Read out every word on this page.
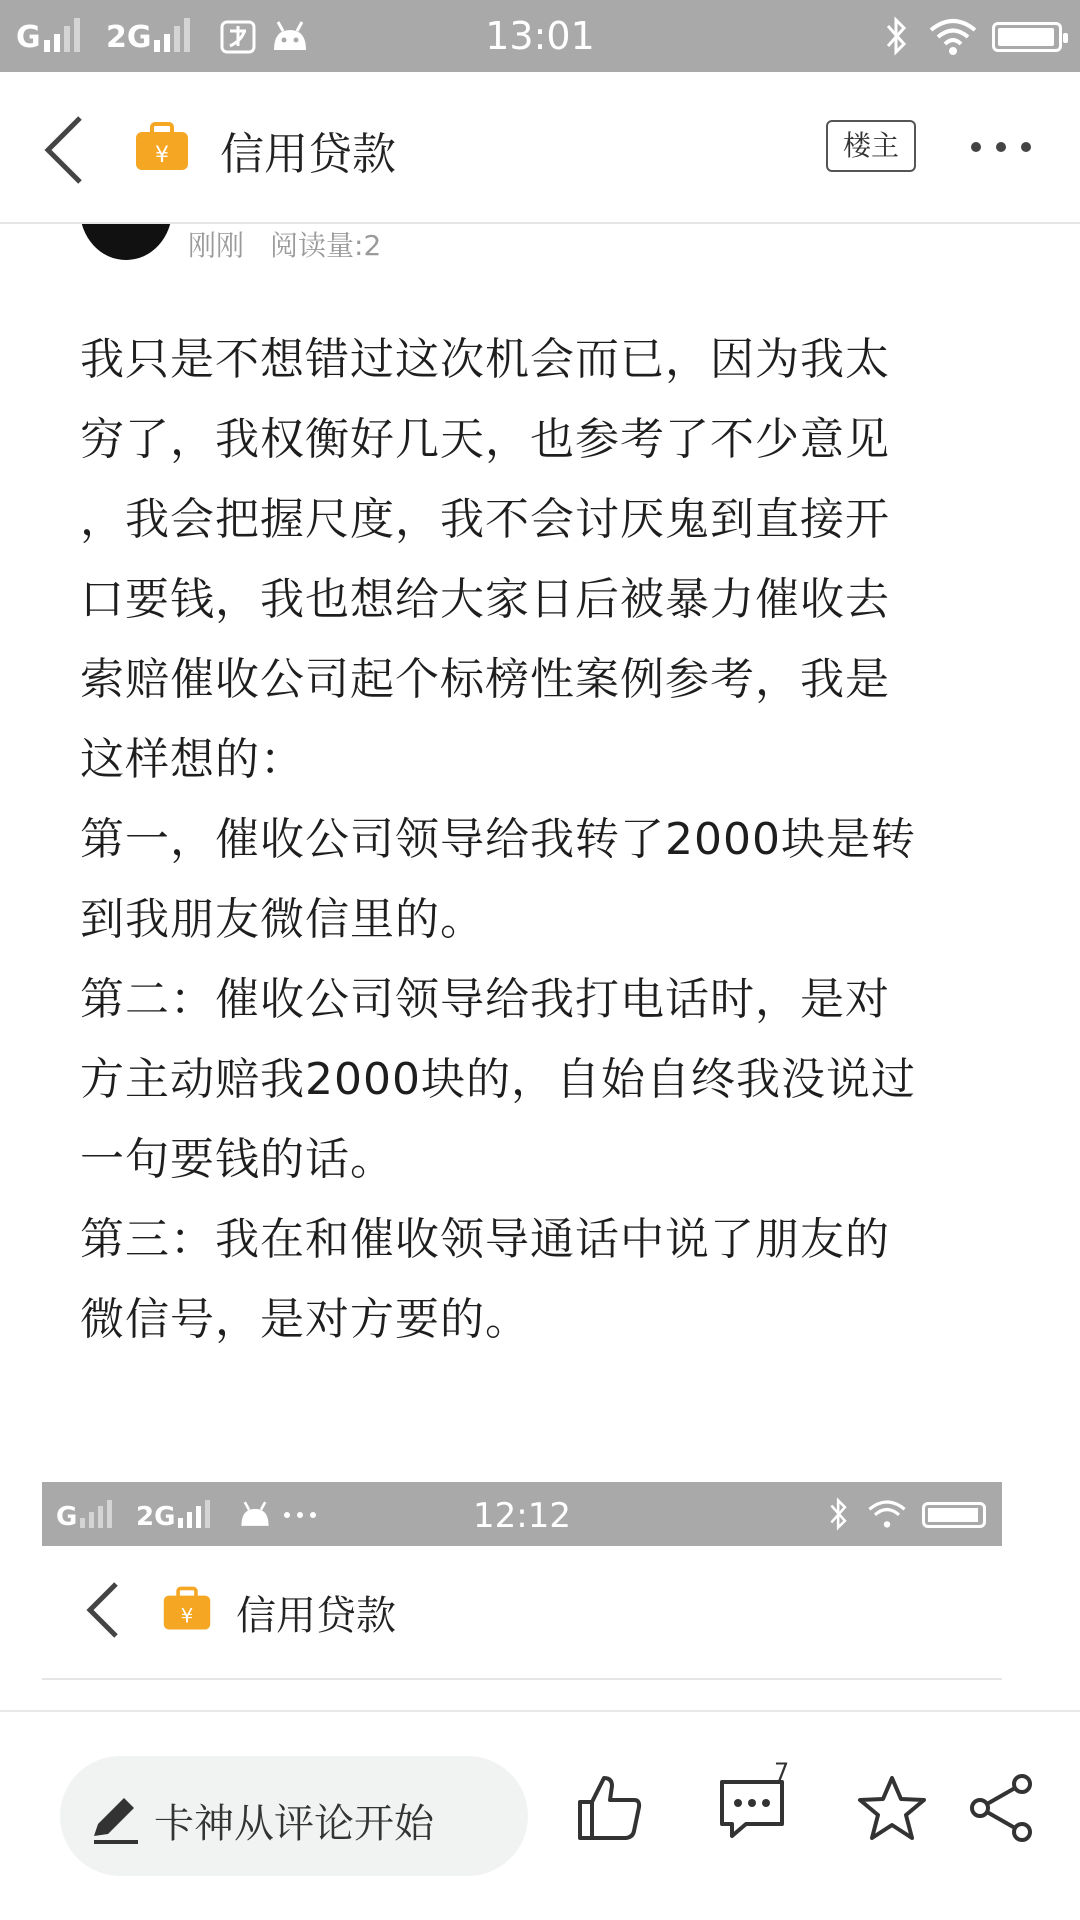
G 2G	13:01
¥ 信用贷款	楼主
刚刚 阅读量:2

我只是不想错过这次机会而已，因为我太
穷了，我权衡好几天，也参考了不少意见
，我会把握尺度，我不会讨厌鬼到直接开
口要钱，我也想给大家日后被暴力催收去
索赔催收公司起个标榜性案例参考，我是
这样想的：

第一，催收公司领导给我转了2000块是转
到我朋友微信里的。

第二：催收公司领导给我打电话时，是对
方主动赔我2000块的，自始自终我没说过
一句要钱的话。

第三：我在和催收领导通话中说了朋友的
微信号，是对方要的。

G 2G	12:12
¥ 信用贷款
卡神从评论开始
7
